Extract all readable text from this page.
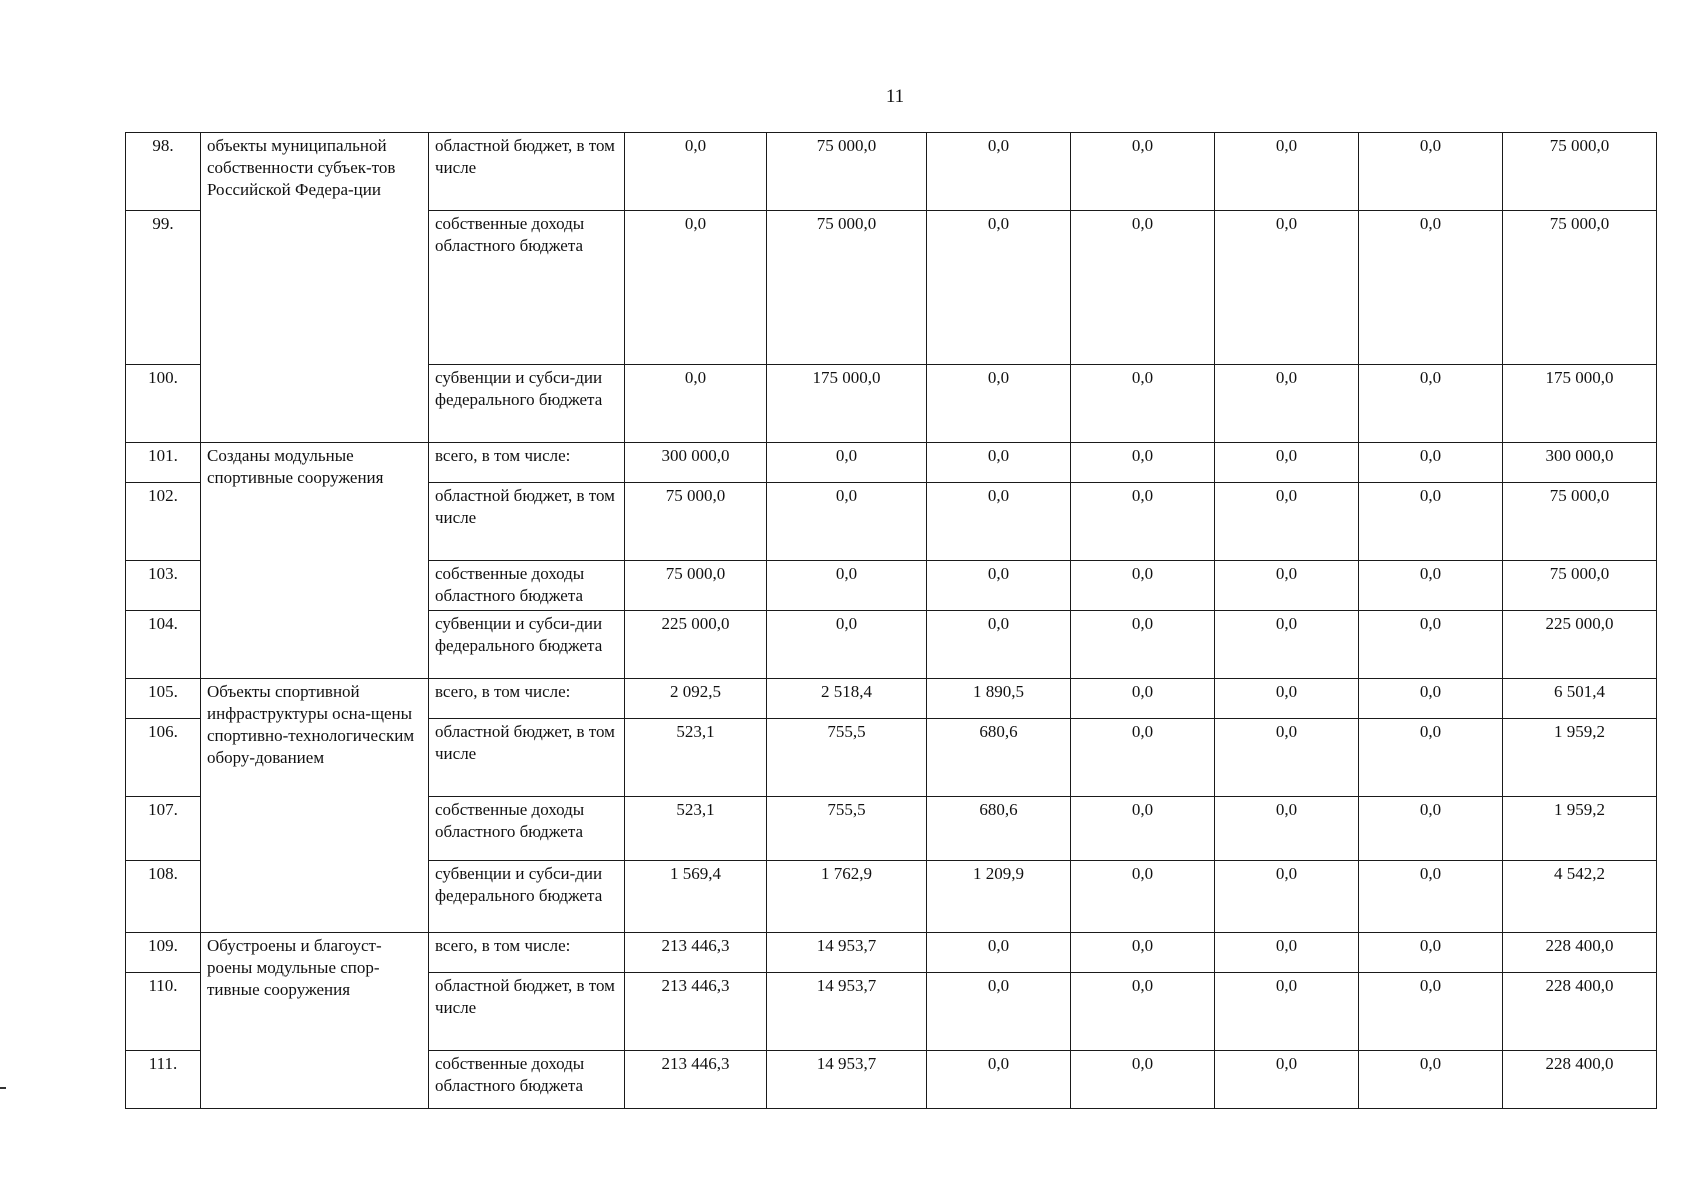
11
98.	объекты муниципальной собственности субъек-тов Российской Федера-ции	областной бюджет, в том числе	0,0	75 000,0	0,0	0,0	0,0	0,0	75 000,0
99.		собственные доходы областного бюджета	0,0	75 000,0	0,0	0,0	0,0	0,0	75 000,0
100.		субвенции и субси-дии федерального бюджета	0,0	175 000,0	0,0	0,0	0,0	0,0	175 000,0
101.	Созданы модульные спортивные сооружения	всего, в том числе:	300 000,0	0,0	0,0	0,0	0,0	0,0	300 000,0
102.		областной бюджет, в том числе	75 000,0	0,0	0,0	0,0	0,0	0,0	75 000,0
103.		собственные доходы областного бюджета	75 000,0	0,0	0,0	0,0	0,0	0,0	75 000,0
104.		субвенции и субси-дии федерального бюджета	225 000,0	0,0	0,0	0,0	0,0	0,0	225 000,0
105.	Объекты спортивной инфраструктуры осна-щены спортивно-технологическим обору-дованием	всего, в том числе:	2 092,5	2 518,4	1 890,5	0,0	0,0	0,0	6 501,4
106.		областной бюджет, в том числе	523,1	755,5	680,6	0,0	0,0	0,0	1 959,2
107.		собственные доходы областного бюджета	523,1	755,5	680,6	0,0	0,0	0,0	1 959,2
108.		субвенции и субси-дии федерального бюджета	1 569,4	1 762,9	1 209,9	0,0	0,0	0,0	4 542,2
109.	Обустроены и благоуст-роены модульные спор-тивные сооружения	всего, в том числе:	213 446,3	14 953,7	0,0	0,0	0,0	0,0	228 400,0
110.		областной бюджет, в том числе	213 446,3	14 953,7	0,0	0,0	0,0	0,0	228 400,0
111.		собственные доходы областного бюджета	213 446,3	14 953,7	0,0	0,0	0,0	0,0	228 400,0
